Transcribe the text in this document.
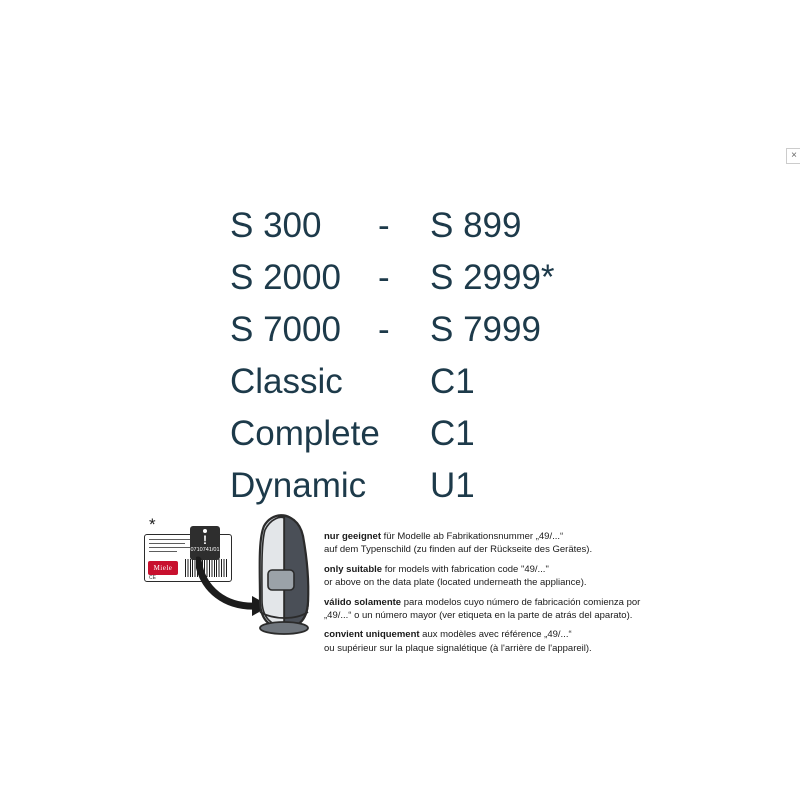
×
S 300	-	S 899
S 2000	-	S 2999*
S 7000	-	S 7999
Classic	C1
Complete C1
Dynamic	U1
*
Miele
CE
!
0710741/01
nur geeignet für Modelle ab Fabrikationsnummer „49/...“
auf dem Typenschild (zu finden auf der Rückseite des Gerätes).
only suitable for models with fabrication code "49/..."
or above on the data plate (located underneath the appliance).
válido solamente para modelos cuyo número de fabricación comienza por
„49/...“ o un número mayor (ver etiqueta en la parte de atrás del aparato).
convient uniquement aux modèles avec référence „49/...“
ou supérieur sur la plaque signalétique (à l'arrière de l'appareil).
